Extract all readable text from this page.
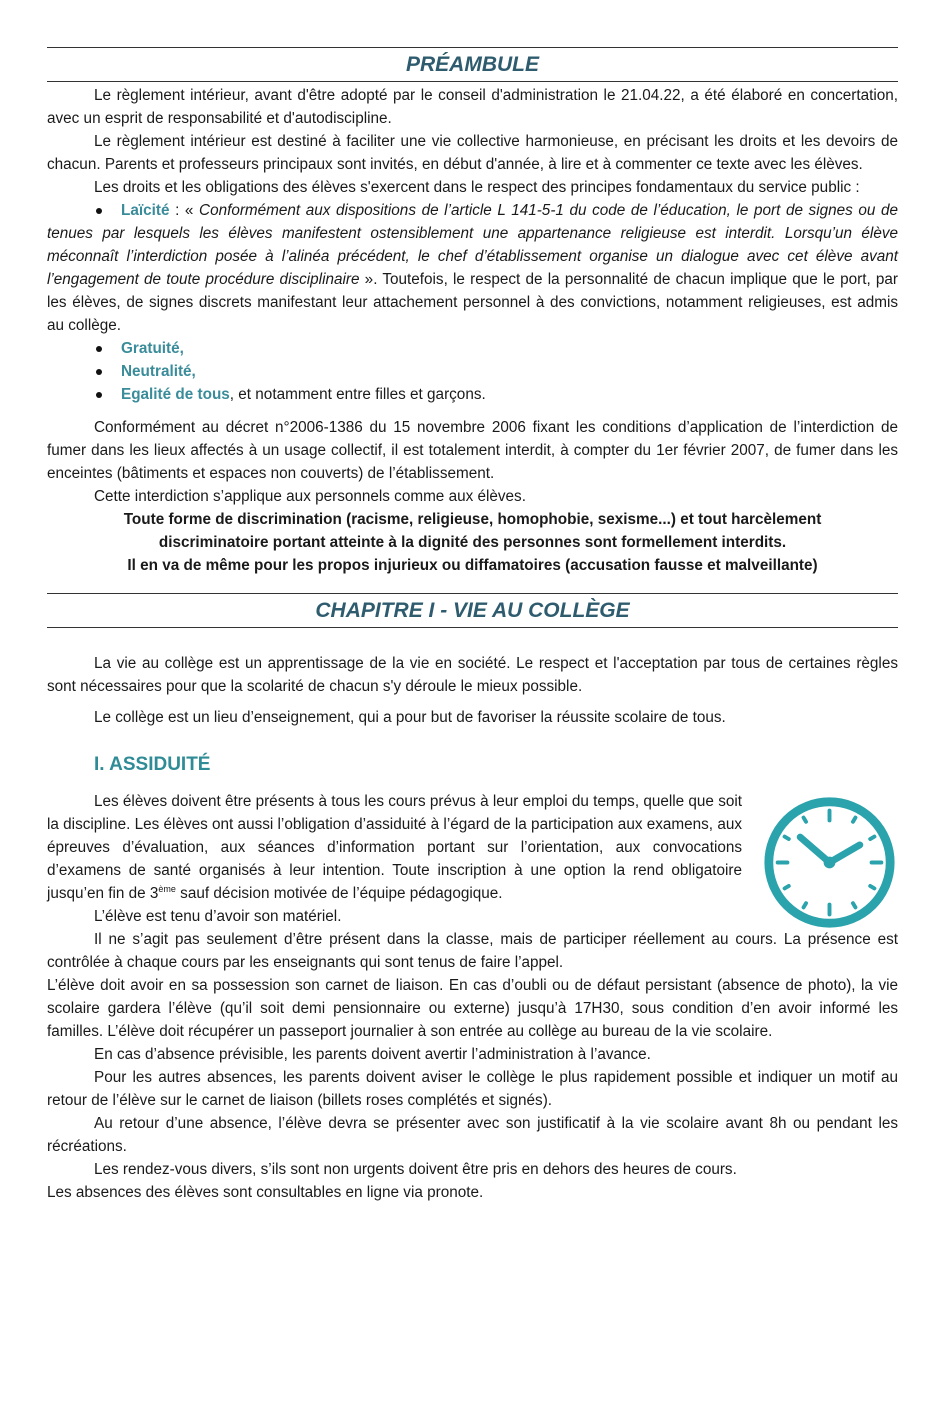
PRÉAMBULE

Le règlement intérieur, avant d'être adopté par le conseil d'administration le 21.04.22, a été élaboré en concertation, avec un esprit de responsabilité et d'autodiscipline.

Le règlement intérieur est destiné à faciliter une vie collective harmonieuse, en précisant les droits et les devoirs de chacun. Parents et professeurs principaux sont invités, en début d'année, à lire et à commenter ce texte avec les élèves.

Les droits et les obligations des élèves s'exercent dans le respect des principes fondamentaux du service public :

Laïcité : « Conformément aux dispositions de l’article L 141-5-1 du code de l’éducation, le port de signes ou de tenues par lesquels les élèves manifestent ostensiblement une appartenance religieuse est interdit. Lorsqu’un élève méconnaît l’interdiction posée à l’alinéa précédent, le chef d’établissement organise un dialogue avec cet élève avant l’engagement de toute procédure disciplinaire ». Toutefois, le respect de la personnalité de chacun implique que le port, par les élèves, de signes discrets manifestant leur attachement personnel à des convictions, notamment religieuses, est admis au collège.
Gratuité,
Neutralité,
Egalité de tous, et notamment entre filles et garçons.

Conformément au décret n°2006-1386 du 15 novembre 2006 fixant les conditions d’application de l’interdiction de fumer dans les lieux affectés à un usage collectif, il est totalement interdit, à compter du 1er février 2007, de fumer dans les enceintes (bâtiments et espaces non couverts) de l’établissement.

Cette interdiction s’applique aux personnels comme aux élèves.

Toute forme de discrimination (racisme, religieuse, homophobie, sexisme...) et tout harcèlement discriminatoire portant atteinte à la dignité des personnes sont formellement interdits.

Il en va de même pour les propos injurieux ou diffamatoires (accusation fausse et malveillante)

CHAPITRE I - VIE AU COLLÈGE

La vie au collège est un apprentissage de la vie en société. Le respect et l'acceptation par tous de certaines règles sont nécessaires pour que la scolarité de chacun s'y déroule le mieux possible.

Le collège est un lieu d’enseignement, qui a pour but de favoriser la réussite scolaire de tous.

I. ASSIDUITÉ

Les élèves doivent être présents à tous les cours prévus à leur emploi du temps, quelle que soit la discipline. Les élèves ont aussi l’obligation d’assiduité à l’égard de la participation aux examens, aux épreuves d’évaluation, aux séances d’information portant sur l’orientation, aux convocations d’examens de santé organisés à leur intention. Toute inscription à une option la rend obligatoire jusqu’en fin de 3ème sauf décision motivée de l’équipe pédagogique.

L’élève est tenu d’avoir son matériel.

Il ne s’agit pas seulement d’être présent dans la classe, mais de participer réellement au cours. La présence est contrôlée à chaque cours par les enseignants qui sont tenus de faire l’appel.

L’élève doit avoir en sa possession son carnet de liaison. En cas d’oubli ou de défaut persistant (absence de photo), la vie scolaire gardera l’élève (qu’il soit demi pensionnaire ou externe) jusqu’à 17H30, sous condition d’en avoir informé les familles. L’élève doit récupérer un passeport journalier à son entrée au collège au bureau de la vie scolaire.

En cas d’absence prévisible, les parents doivent avertir l’administration à l’avance.

Pour les autres absences, les parents doivent aviser le collège le plus rapidement possible et indiquer un motif au retour de l’élève sur le carnet de liaison (billets roses complétés et signés).

Au retour d’une absence, l’élève devra se présenter avec son justificatif à la vie scolaire avant 8h ou pendant les récréations.

Les rendez-vous divers, s’ils sont non urgents doivent être pris en dehors des heures de cours.

Les absences des élèves sont consultables en ligne via pronote.
